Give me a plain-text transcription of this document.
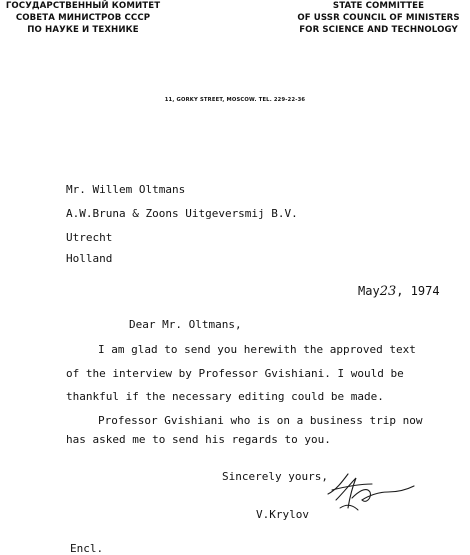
ГОСУДАРСТВЕННЫЙ КОМИТЕТ
СОВЕТА МИНИСТРОВ СССР
ПО НАУКЕ И ТЕХНИКЕ
STATE COMMITTEE
OF USSR COUNCIL OF MINISTERS
FOR SCIENCE AND TECHNOLOGY
11, GORKY STREET, MOSCOW. TEL. 229-22-36
Mr. Willem Oltmans
A.W.Bruna & Zoons Uitgeversmij B.V.
Utrecht
Holland
May23, 1974
Dear Mr. Oltmans,
I am glad to send you herewith the approved text
of the interview by Professor Gvishiani. I would be
thankful if the necessary editing could be made.
Professor Gvishiani who is on a business trip now
has asked me to send his regards to you.
Sincerely yours,
V.Krylov
Encl.
